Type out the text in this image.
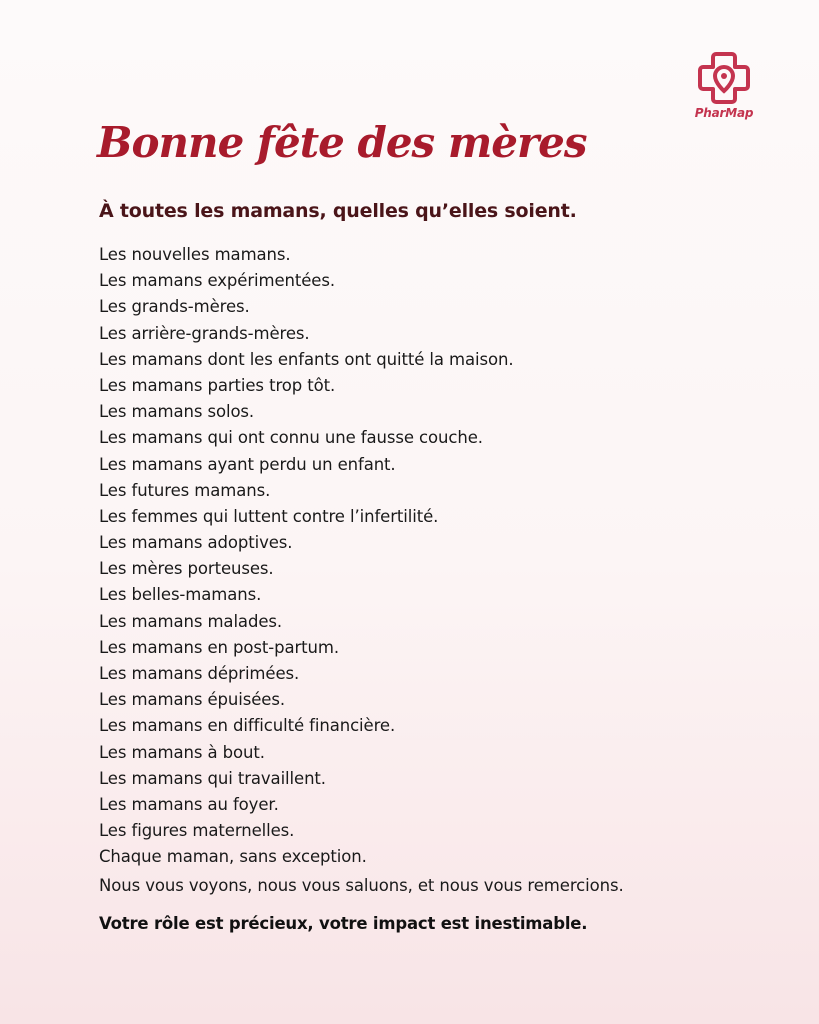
PharMap
Bonne fête des mères
À toutes les mamans, quelles qu’elles soient.
Les nouvelles mamans.
Les mamans expérimentées.
Les grands-mères.
Les arrière-grands-mères.
Les mamans dont les enfants ont quitté la maison.
Les mamans parties trop tôt.
Les mamans solos.
Les mamans qui ont connu une fausse couche.
Les mamans ayant perdu un enfant.
Les futures mamans.
Les femmes qui luttent contre l’infertilité.
Les mamans adoptives.
Les mères porteuses.
Les belles-mamans.
Les mamans malades.
Les mamans en post-partum.
Les mamans déprimées.
Les mamans épuisées.
Les mamans en difficulté financière.
Les mamans à bout.
Les mamans qui travaillent.
Les mamans au foyer.
Les figures maternelles.
Chaque maman, sans exception.

Nous vous voyons, nous vous saluons, et nous vous remercions.

Votre rôle est précieux, votre impact est inestimable.
